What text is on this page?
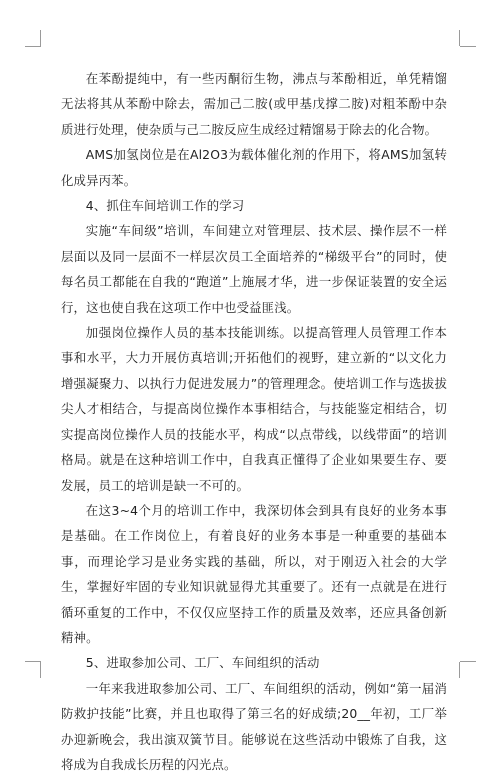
在苯酚提纯中，有一些丙酮衍生物，沸点与苯酚相近，单凭精馏无法将其从苯酚中除去，需加己二胺(或甲基戊撑二胺)对粗苯酚中杂质进行处理，使杂质与己二胺反应生成经过精馏易于除去的化合物。

AMS加氢岗位是在Al2O3为载体催化剂的作用下，将AMS加氢转化成异丙苯。

4、抓住车间培训工作的学习

实施“车间级”培训，车间建立对管理层、技术层、操作层不一样层面以及同一层面不一样层次员工全面培养的“梯级平台”的同时，使每名员工都能在自我的“跑道”上施展才华，进一步保证装置的安全运行，这也使自我在这项工作中也受益匪浅。

加强岗位操作人员的基本技能训练。以提高管理人员管理工作本事和水平，大力开展仿真培训;开拓他们的视野，建立新的“以文化力增强凝聚力、以执行力促进发展力”的管理理念。使培训工作与选拔拔尖人才相结合，与提高岗位操作本事相结合，与技能鉴定相结合，切实提高岗位操作人员的技能水平，构成“以点带线，以线带面”的培训格局。就是在这种培训工作中，自我真正懂得了企业如果要生存、要发展，员工的培训是缺一不可的。

在这3~4个月的培训工作中，我深切体会到具有良好的业务本事是基础。在工作岗位上，有着良好的业务本事是一种重要的基础本事，而理论学习是业务实践的基础，所以，对于刚迈入社会的大学生，掌握好牢固的专业知识就显得尤其重要了。还有一点就是在进行循环重复的工作中，不仅仅应坚持工作的质量及效率，还应具备创新精神。

5、进取参加公司、工厂、车间组织的活动

一年来我进取参加公司、工厂、车间组织的活动，例如“第一届消防救护技能”比赛，并且也取得了第三名的好成绩;20__年初，工厂举办迎新晚会，我出演双簧节目。能够说在这些活动中锻炼了自我，这将成为自我成长历程的闪光点。
